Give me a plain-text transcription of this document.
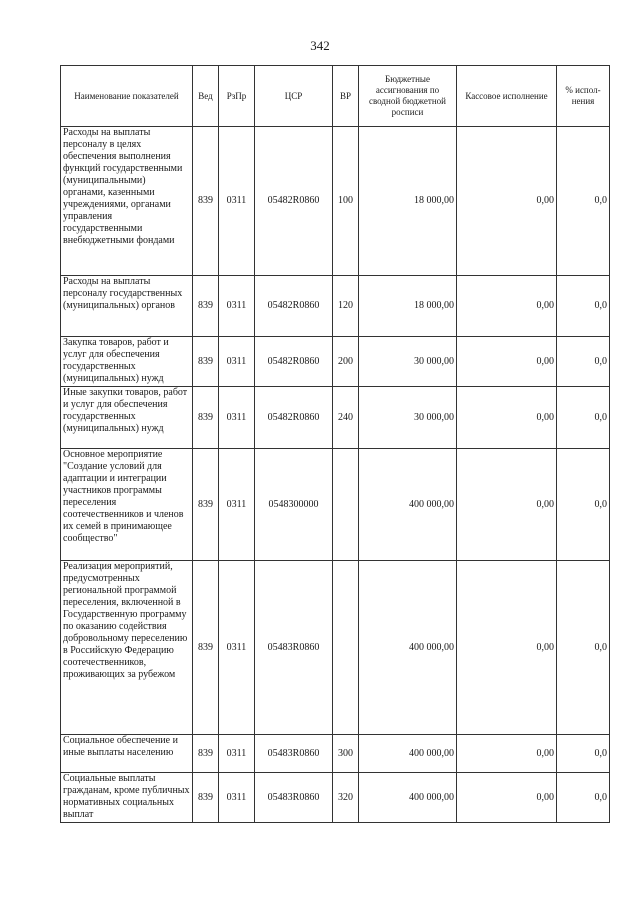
342
Наименование показателей	Вед	РзПр	ЦСР	ВР	Бюджетные ассигнования по сводной бюджетной росписи	Кассовое исполнение	% испол-нения
Расходы на выплаты персоналу в целях обеспечения выполнения функций государственными (муниципальными) органами, казенными учреждениями, органами управления государственными внебюджетными фондами	839	0311	05482R0860	100	18 000,00	0,00	0,0
Расходы на выплаты персоналу государственных (муниципальных) органов	839	0311	05482R0860	120	18 000,00	0,00	0,0
Закупка товаров, работ и услуг для обеспечения государственных (муниципальных) нужд	839	0311	05482R0860	200	30 000,00	0,00	0,0
Иные закупки товаров, работ и услуг для обеспечения государственных (муниципальных) нужд	839	0311	05482R0860	240	30 000,00	0,00	0,0
Основное мероприятие "Создание условий для адаптации и интеграции участников программы переселения соотечественников и членов их семей в принимающее сообщество"	839	0311	0548300000		400 000,00	0,00	0,0
Реализация мероприятий, предусмотренных региональной программой переселения, включенной в Государственную программу по оказанию содействия добровольному переселению в Российскую Федерацию соотечественников, проживающих за рубежом	839	0311	05483R0860		400 000,00	0,00	0,0
Социальное обеспечение и иные выплаты населению	839	0311	05483R0860	300	400 000,00	0,00	0,0
Социальные выплаты гражданам, кроме публичных нормативных социальных выплат	839	0311	05483R0860	320	400 000,00	0,00	0,0
